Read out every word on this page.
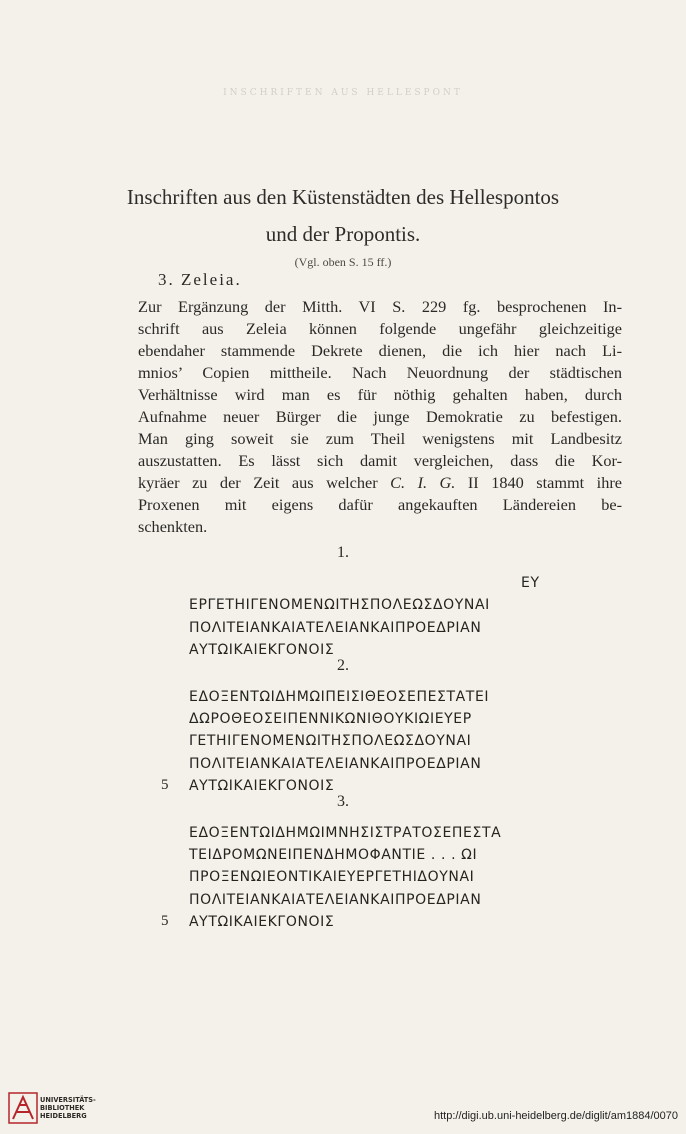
INSCHRIFTEN AUS HELLESPONT
Inschriften aus den Küstenstädten des Hellespontos
und der Propontis.
(Vgl. oben S. 15 ff.)
3. Zeleia.
Zur Ergänzung der Mitth. VI S. 229 fg. besprochenen In-
schrift aus Zeleia können folgende ungefähr gleichzeitige
ebendaher stammende Dekrete dienen, die ich hier nach Li-
mnios’ Copien mittheile. Nach Neuordnung der städtischen
Verhältnisse wird man es für nöthig gehalten haben, durch
Aufnahme neuer Bürger die junge Demokratie zu befestigen.
Man ging soweit sie zum Theil wenigstens mit Landbesitz
auszustatten. Es lässt sich damit vergleichen, dass die Kor-
kyräer zu der Zeit aus welcher C. I. G. II 1840 stammt ihre
Proxenen mit eigens dafür angekauften Ländereien be-
schenkten.
1.
ΕΥ
ΕΡΓΕΤΗΙΓΕΝΟΜΕΝΩΙΤΗΣΠΟΛΕΩΣΔΟΥΝΑΙ
ΠΟΛΙΤΕΙΑΝΚΑΙΑΤΕΛΕΙΑΝΚΑΙΠΡΟΕΔΡΙΑΝ
ΑΥΤΩΙΚΑΙΕΚΓΟΝΟΙΣ
2.
ΕΔΟΞΕΝΤΩΙΔΗΜΩΙΠΕΙΣΙΘΕΟΣΕΠΕΣΤΑΤΕΙ
ΔΩΡΟΘΕΟΣΕΙΠΕΝΝΙΚΩΝΙΘΟΥΚΙΩΙΕΥΕΡ
ΓΕΤΗΙΓΕΝΟΜΕΝΩΙΤΗΣΠΟΛΕΩΣΔΟΥΝΑΙ
ΠΟΛΙΤΕΙΑΝΚΑΙΑΤΕΛΕΙΑΝΚΑΙΠΡΟΕΔΡΙΑΝ
5 ΑΥΤΩΙΚΑΙΕΚΓΟΝΟΙΣ
3.
ΕΔΟΞΕΝΤΩΙΔΗΜΩΙΜΝΗΣΙΣΤΡΑΤΟΣΕΠΕΣΤΑ
ΤΕΙΔΡΟΜΩΝΕΙΠΕΝΔΗΜΟΦΑΝΤΙΕ . . . ΩΙ
ΠΡΟΞΕΝΩΙΕΟΝΤΙΚΑΙΕΥΕΡΓΕΤΗΙΔΟΥΝΑΙ
ΠΟΛΙΤΕΙΑΝΚΑΙΑΤΕΛΕΙΑΝΚΑΙΠΡΟΕΔΡΙΑΝ
5 ΑΥΤΩΙΚΑΙΕΚΓΟΝΟΙΣ
UNIVERSITÄTS-
BIBLIOTHEK
HEIDELBERG	http://digi.ub.uni-heidelberg.de/diglit/am1884/0070
